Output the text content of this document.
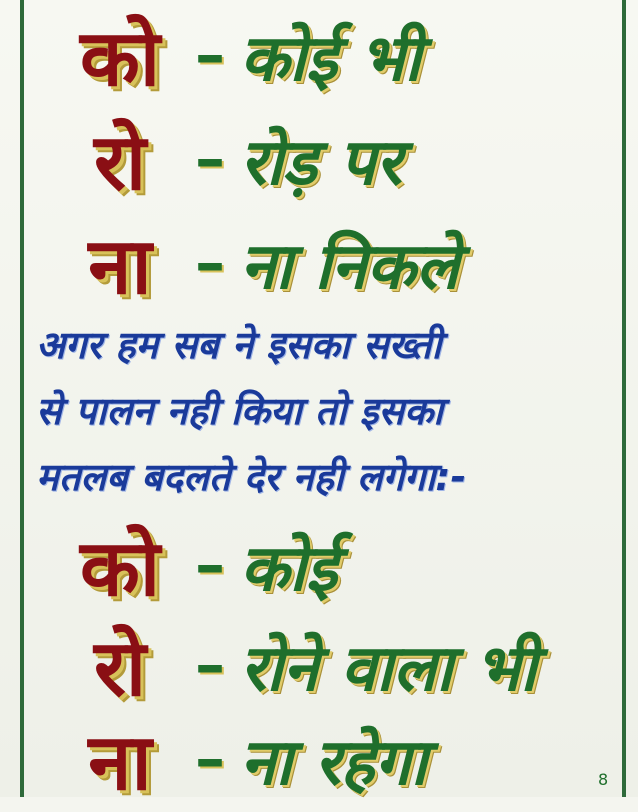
को – कोई भी
रो – रोड़ पर
ना – ना निकले
अगर हम सब ने इसका सख्ती
से पालन नही किया तो इसका
मतलब बदलते देर नही लगेगा:-
को – कोई
रो – रोने वाला भी
ना – ना रहेगा	8
